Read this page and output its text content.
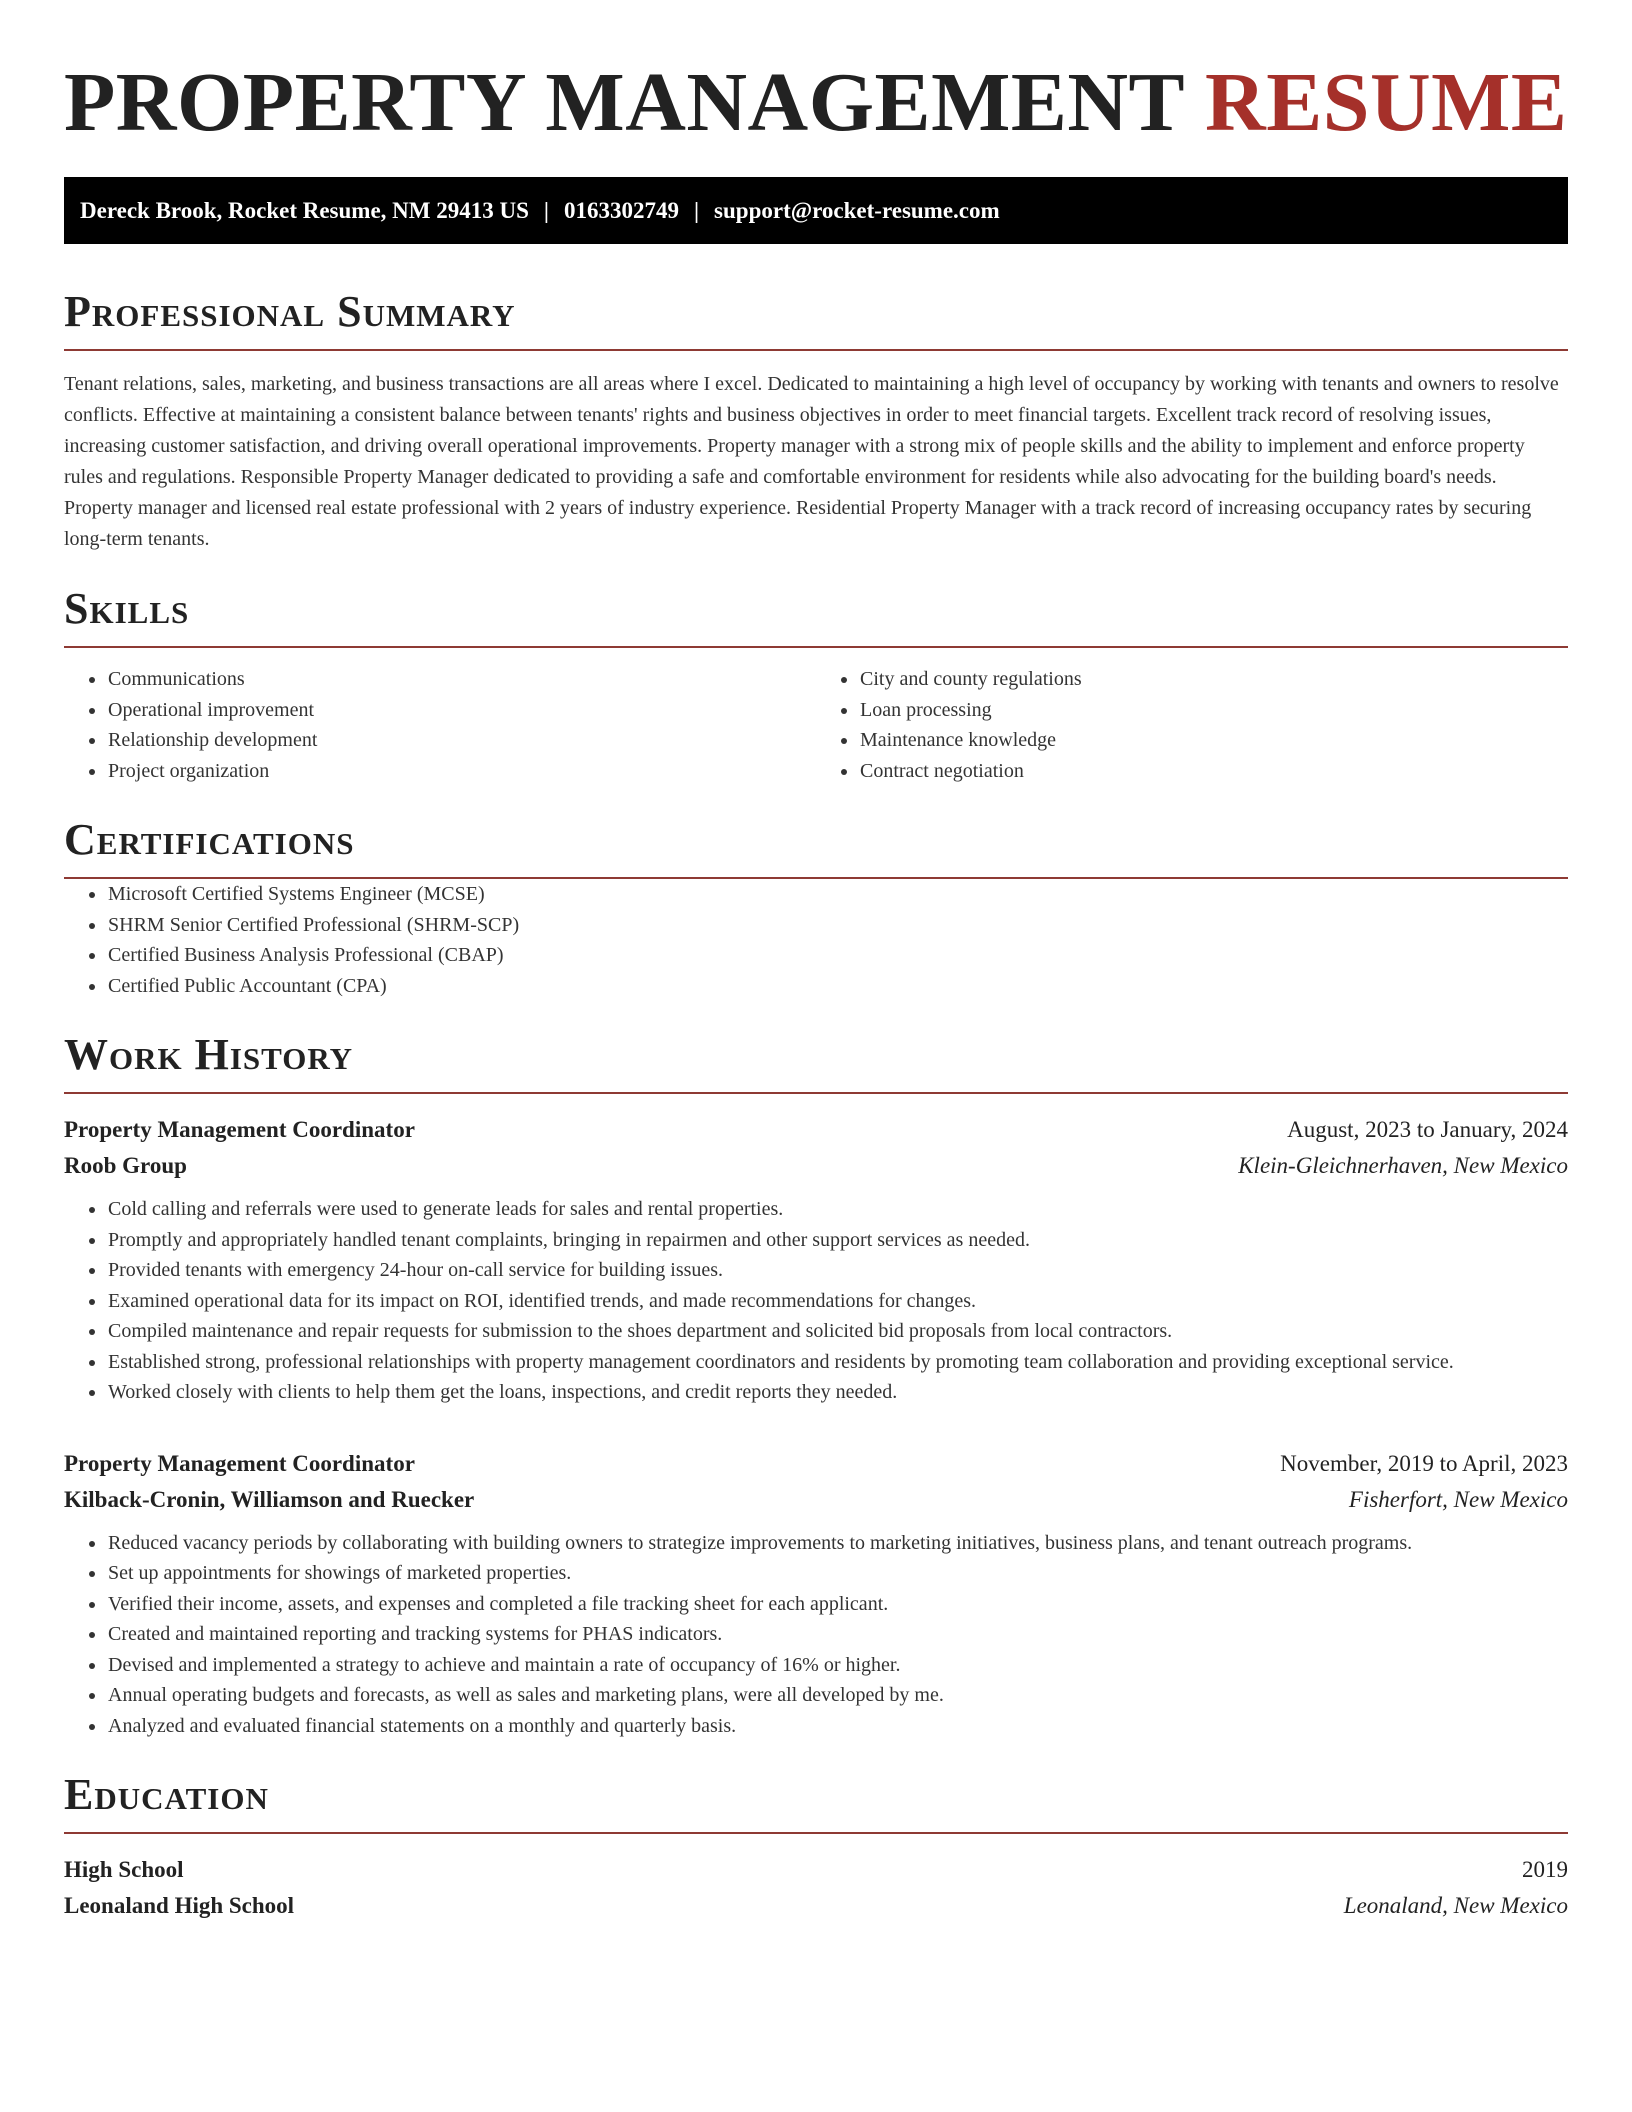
PROPERTY MANAGEMENT RESUME
Dereck Brook, Rocket Resume, NM 29413 US | 0163302749 | support@rocket-resume.com
Professional Summary

Tenant relations, sales, marketing, and business transactions are all areas where I excel. Dedicated to maintaining a high level of occupancy by working with tenants and owners to resolve conflicts. Effective at maintaining a consistent balance between tenants' rights and business objectives in order to meet financial targets. Excellent track record of resolving issues, increasing customer satisfaction, and driving overall operational improvements. Property manager with a strong mix of people skills and the ability to implement and enforce property rules and regulations. Responsible Property Manager dedicated to providing a safe and comfortable environment for residents while also advocating for the building board's needs. Property manager and licensed real estate professional with 2 years of industry experience. Residential Property Manager with a track record of increasing occupancy rates by securing long-term tenants.

Skills
• Communications
• Operational improvement
• Relationship development
• Project organization
• City and county regulations
• Loan processing
• Maintenance knowledge
• Contract negotiation
Certifications
• Microsoft Certified Systems Engineer (MCSE)
• SHRM Senior Certified Professional (SHRM-SCP)
• Certified Business Analysis Professional (CBAP)
• Certified Public Accountant (CPA)
Work History
Property Management Coordinator	August, 2023 to January, 2024
Roob Group	Klein-Gleichnerhaven, New Mexico
• Cold calling and referrals were used to generate leads for sales and rental properties.
• Promptly and appropriately handled tenant complaints, bringing in repairmen and other support services as needed.
• Provided tenants with emergency 24-hour on-call service for building issues.
• Examined operational data for its impact on ROI, identified trends, and made recommendations for changes.
• Compiled maintenance and repair requests for submission to the shoes department and solicited bid proposals from local contractors.
• Established strong, professional relationships with property management coordinators and residents by promoting team collaboration and providing exceptional service.
• Worked closely with clients to help them get the loans, inspections, and credit reports they needed.
Property Management Coordinator	November, 2019 to April, 2023
Kilback-Cronin, Williamson and Ruecker	Fisherfort, New Mexico
• Reduced vacancy periods by collaborating with building owners to strategize improvements to marketing initiatives, business plans, and tenant outreach programs.
• Set up appointments for showings of marketed properties.
• Verified their income, assets, and expenses and completed a file tracking sheet for each applicant.
• Created and maintained reporting and tracking systems for PHAS indicators.
• Devised and implemented a strategy to achieve and maintain a rate of occupancy of 16% or higher.
• Annual operating budgets and forecasts, as well as sales and marketing plans, were all developed by me.
• Analyzed and evaluated financial statements on a monthly and quarterly basis.
Education
High School	2019
Leonaland High School	Leonaland, New Mexico
